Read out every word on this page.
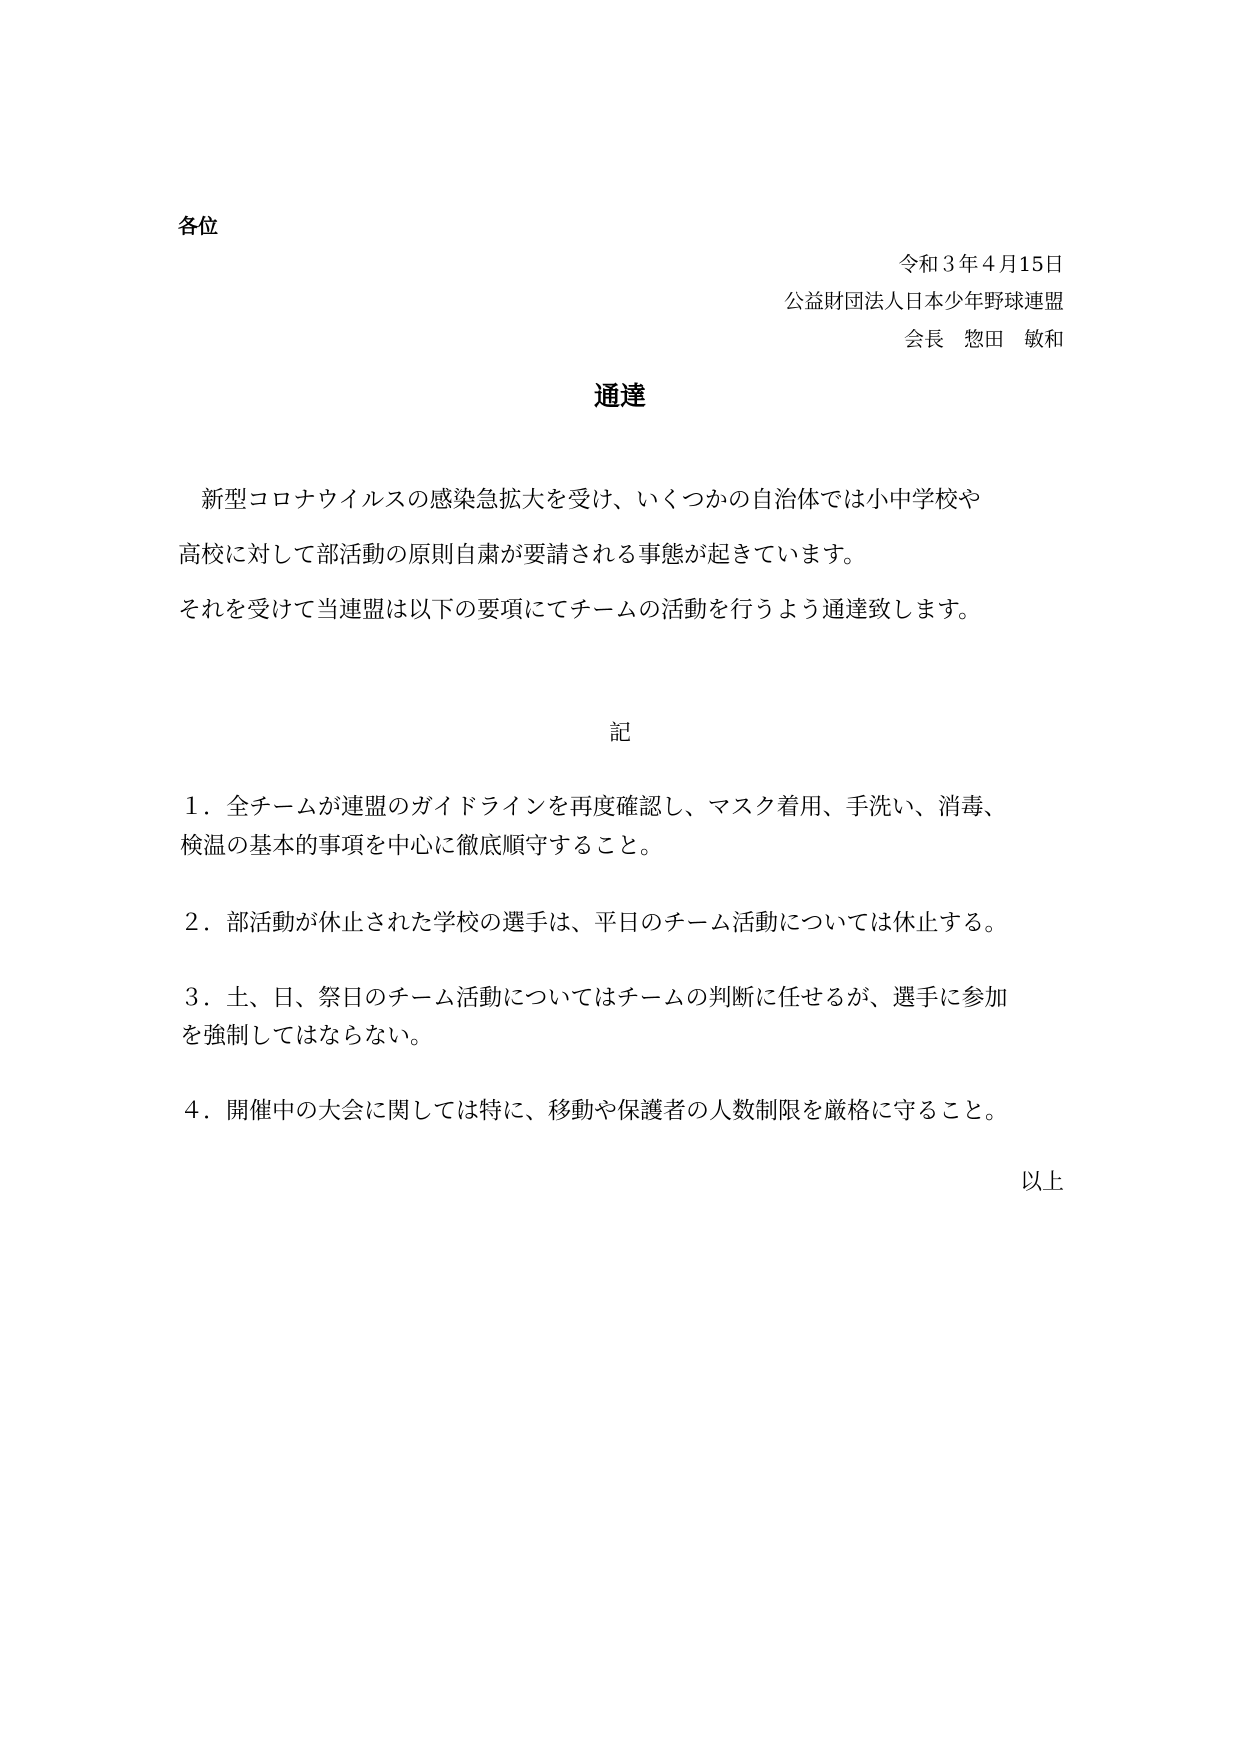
各位
令和３年４月15日
公益財団法人日本少年野球連盟
会長　惣田　敏和
通達
　新型コロナウイルスの感染急拡大を受け、いくつかの自治体では小中学校や
高校に対して部活動の原則自粛が要請される事態が起きています。
それを受けて当連盟は以下の要項にてチームの活動を行うよう通達致します。
記
１．全チームが連盟のガイドラインを再度確認し、マスク着用、手洗い、消毒、
検温の基本的事項を中心に徹底順守すること。
２．部活動が休止された学校の選手は、平日のチーム活動については休止する。
３．土、日、祭日のチーム活動についてはチームの判断に任せるが、選手に参加
を強制してはならない。
４．開催中の大会に関しては特に、移動や保護者の人数制限を厳格に守ること。
以上
